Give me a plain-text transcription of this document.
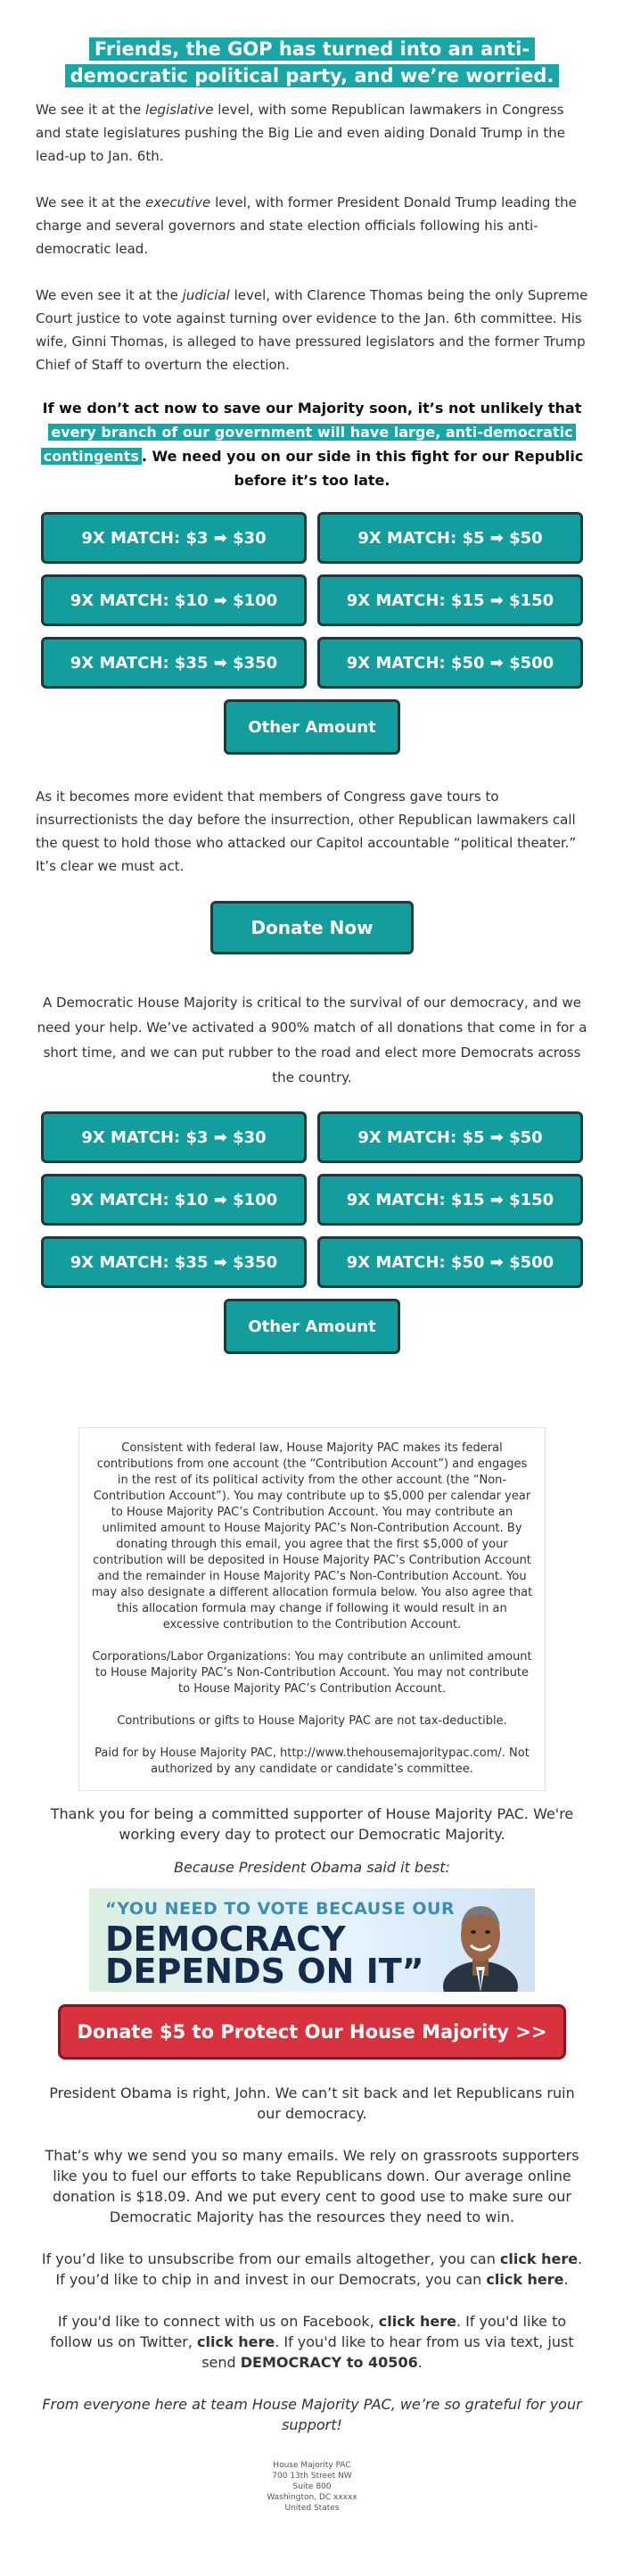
Friends, the GOP has turned into an anti-democratic political party, and we’re worried.

We see it at the legislative level, with some Republican lawmakers in Congress and state legislatures pushing the Big Lie and even aiding Donald Trump in the lead-up to Jan. 6th.

We see it at the executive level, with former President Donald Trump leading the charge and several governors and state election officials following his anti-democratic lead.

We even see it at the judicial level, with Clarence Thomas being the only Supreme Court justice to vote against turning over evidence to the Jan. 6th committee. His wife, Ginni Thomas, is alleged to have pressured legislators and the former Trump Chief of Staff to overturn the election.

If we don’t act now to save our Majority soon, it’s not unlikely that every branch of our government will have large, anti-democratic contingents . We need you on our side in this fight for our Republic before it’s too late.
9X MATCH: $3 ➡ $30	9X MATCH: $5 ➡ $50
9X MATCH: $10 ➡ $100	9X MATCH: $15 ➡ $150
9X MATCH: $35 ➡ $350	9X MATCH: $50 ➡ $500
Other Amount

As it becomes more evident that members of Congress gave tours to insurrectionists the day before the insurrection, other Republican lawmakers call the quest to hold those who attacked our Capitol accountable “political theater.” It’s clear we must act.

Donate Now

A Democratic House Majority is critical to the survival of our democracy, and we need your help. We’ve activated a 900% match of all donations that come in for a short time, and we can put rubber to the road and elect more Democrats across the country.

9X MATCH: $3 ➡ $30	9X MATCH: $5 ➡ $50
9X MATCH: $10 ➡ $100	9X MATCH: $15 ➡ $150
9X MATCH: $35 ➡ $350	9X MATCH: $50 ➡ $500
Other Amount

Consistent with federal law, House Majority PAC makes its federal contributions from one account (the “Contribution Account”) and engages in the rest of its political activity from the other account (the “Non-Contribution Account”). You may contribute up to $5,000 per calendar year to House Majority PAC’s Contribution Account. You may contribute an unlimited amount to House Majority PAC’s Non-Contribution Account. By donating through this email, you agree that the first $5,000 of your contribution will be deposited in House Majority PAC’s Contribution Account and the remainder in House Majority PAC’s Non-Contribution Account. You may also designate a different allocation formula below. You also agree that this allocation formula may change if following it would result in an excessive contribution to the Contribution Account.

Corporations/Labor Organizations: You may contribute an unlimited amount to House Majority PAC’s Non-Contribution Account. You may not contribute to House Majority PAC’s Contribution Account.

Contributions or gifts to House Majority PAC are not tax-deductible.

Paid for by House Majority PAC, http://www.thehousemajoritypac.com/. Not authorized by any candidate or candidate’s committee.

Thank you for being a committed supporter of House Majority PAC. We're working every day to protect our Democratic Majority.

Because President Obama said it best:

“YOU NEED TO VOTE BECAUSE OUR
DEMOCRACY
DEPENDS ON IT”
Donate $5 to Protect Our House Majority >>

President Obama is right, John. We can’t sit back and let Republicans ruin our democracy.

That’s why we send you so many emails. We rely on grassroots supporters like you to fuel our efforts to take Republicans down. Our average online donation is $18.09. And we put every cent to good use to make sure our Democratic Majority has the resources they need to win.

If you’d like to unsubscribe from our emails altogether, you can click here. If you’d like to chip in and invest in our Democrats, you can click here.

If you'd like to connect with us on Facebook, click here. If you'd like to follow us on Twitter, click here. If you'd like to hear from us via text, just send DEMOCRACY to 40506.

From everyone here at team House Majority PAC, we’re so grateful for your support!

House Majority PAC
700 13th Street NW
Suite 800
Washington, DC xxxxx
United States
